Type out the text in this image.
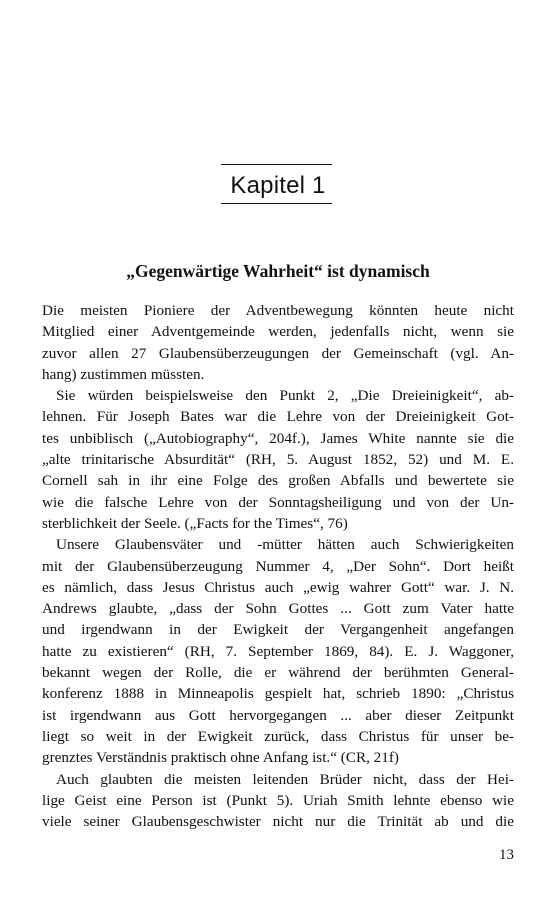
Kapitel 1
„Gegenwärtige Wahrheit“ ist dynamisch

Die meisten Pioniere der Adventbewegung könnten heute nicht

Mitglied einer Adventgemeinde werden, jedenfalls nicht, wenn sie

zuvor allen 27 Glaubensüberzeugungen der Gemeinschaft (vgl. An-

hang) zustimmen müssten.

Sie würden beispielsweise den Punkt 2, „Die Dreieinigkeit“, ab-

lehnen. Für Joseph Bates war die Lehre von der Dreieinigkeit Got-

tes unbiblisch („Autobiography“, 204f.), James White nannte sie die

„alte trinitarische Absurdität“ (RH, 5. August 1852, 52) und M. E.

Cornell sah in ihr eine Folge des großen Abfalls und bewertete sie

wie die falsche Lehre von der Sonntagsheiligung und von der Un-

sterblichkeit der Seele. („Facts for the Times“, 76)

Unsere Glaubensväter und -mütter hätten auch Schwierigkeiten

mit der Glaubensüberzeugung Nummer 4, „Der Sohn“. Dort heißt

es nämlich, dass Jesus Christus auch „ewig wahrer Gott“ war. J. N.

Andrews glaubte, „dass der Sohn Gottes ... Gott zum Vater hatte

und irgendwann in der Ewigkeit der Vergangenheit angefangen

hatte zu existieren“ (RH, 7. September 1869, 84). E. J. Waggoner,

bekannt wegen der Rolle, die er während der berühmten General-

konferenz 1888 in Minneapolis gespielt hat, schrieb 1890: „Christus

ist irgendwann aus Gott hervorgegangen ... aber dieser Zeitpunkt

liegt so weit in der Ewigkeit zurück, dass Christus für unser be-

grenztes Verständnis praktisch ohne Anfang ist.“ (CR, 21f)

Auch glaubten die meisten leitenden Brüder nicht, dass der Hei-

lige Geist eine Person ist (Punkt 5). Uriah Smith lehnte ebenso wie

viele seiner Glaubensgeschwister nicht nur die Trinität ab und die

13
